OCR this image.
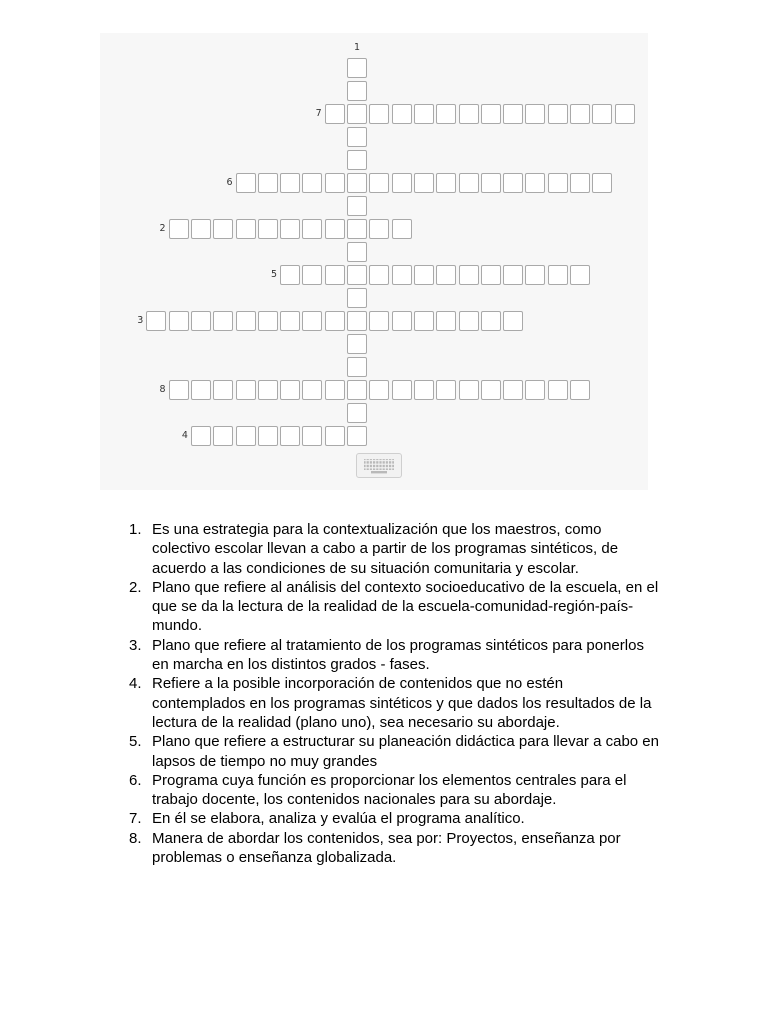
1
7
6
2
5
3
8
4
1. Es una estrategia para la contextualización que los maestros, como
colectivo escolar llevan a cabo a partir de los programas sintéticos, de
acuerdo a las condiciones de su situación comunitaria y escolar.
2. Plano que refiere al análisis del contexto socioeducativo de la escuela, en el
que se da la lectura de la realidad de la escuela-comunidad-región-país-
mundo.
3. Plano que refiere al tratamiento de los programas sintéticos para ponerlos
en marcha en los distintos grados - fases.
4. Refiere a la posible incorporación de contenidos que no estén
contemplados en los programas sintéticos y que dados los resultados de la
lectura de la realidad (plano uno), sea necesario su abordaje.
5. Plano que refiere a estructurar su planeación didáctica para llevar a cabo en
lapsos de tiempo no muy grandes
6. Programa cuya función es proporcionar los elementos centrales para el
trabajo docente, los contenidos nacionales para su abordaje.
7. En él se elabora, analiza y evalúa el programa analítico.
8. Manera de abordar los contenidos, sea por: Proyectos, enseñanza por
problemas o enseñanza globalizada.
